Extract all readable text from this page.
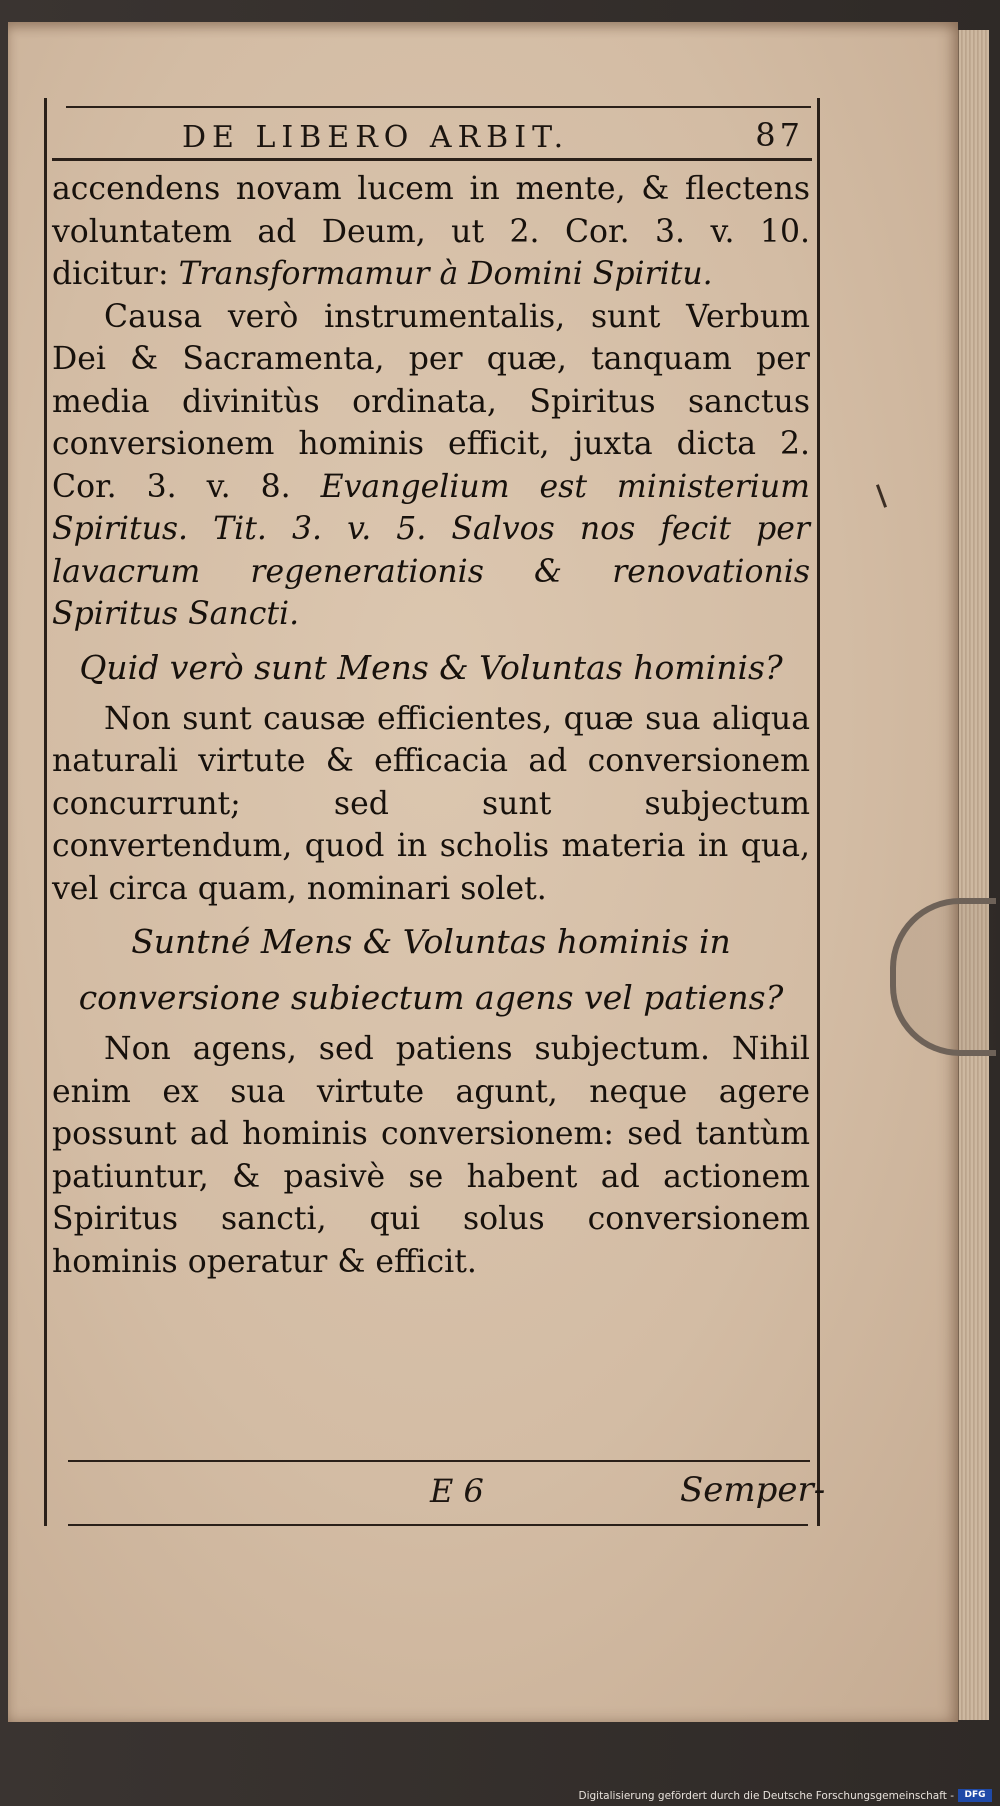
DE LIBERO ARBIT.	87

accendens novam lucem in mente, & flectens voluntatem ad Deum, ut 2. Cor. 3. v. 10. dicitur: Transformamur à Domini Spiritu.

Causa verò instrumentalis, sunt Verbum Dei & Sacramenta, per quæ, tanquam per media divinitùs ordinata, Spiritus sanctus conversionem hominis efficit, juxta dicta 2. Cor. 3. v. 8. Evangelium est ministerium Spiritus. Tit. 3. v. 5. Salvos nos fecit per lavacrum regenerationis & renovationis Spiritus Sancti.

Quid verò sunt Mens & Voluntas hominis?

Non sunt causæ efficientes, quæ sua aliqua naturali virtute & efficacia ad conversionem concurrunt; sed sunt subjectum convertendum, quod in scholis materia in qua, vel circa quam, nominari solet.

Suntné Mens & Voluntas hominis in conversione subiectum agens vel patiens?

Non agens, sed patiens subjectum. Nihil enim ex sua virtute agunt, neque agere possunt ad hominis conversionem: sed tantùm patiuntur, & pasivè se habent ad actionem Spiritus sancti, qui solus conversionem hominis operatur & efficit.

E 6	Semper-
Digitalisierung gefördert durch die Deutsche Forschungsgemeinschaft -	DFG
